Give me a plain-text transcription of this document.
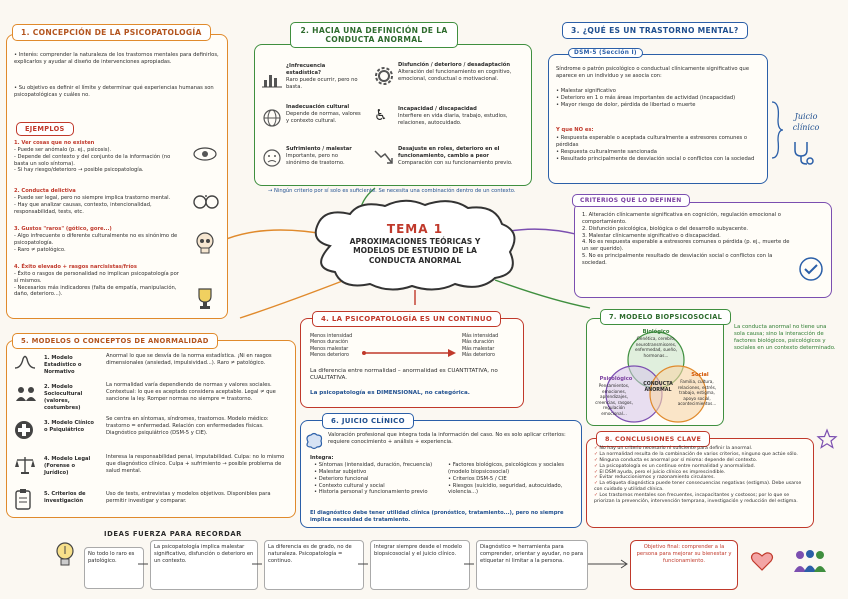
1. CONCEPCIÓN DE LA PSICOPATOLOGÍA
• Interés: comprender la naturaleza de los trastornos mentales para definirlos, explicarlos y ayudar al diseño de intervenciones apropiadas.
• Su objetivo es definir el límite y determinar qué experiencias humanas son psicopatológicas y cuáles no.
EJEMPLOS
1. Ver cosas que no existen
- Puede ser anómalo (p. ej., psicosis).
- Depende del contexto y del conjunto de la información (no basta un solo síntoma).
- Si hay riesgo/deterioro → posible psicopatología.
2. Conducta delictiva
- Puede ser legal, pero no siempre implica trastorno mental.
- Hay que analizar causas, contexto, intencionalidad, responsabilidad, tests, etc.
3. Gustos "raros" (gótico, gore...)
- Algo infrecuente o diferente culturalmente no es sinónimo de psicopatología.
- Raro ≠ patológico.
4. Éxito elevado + rasgos narcisistas/fríos
- Éxito o rasgos de personalidad no implican psicopatología por sí mismos.
- Necesarios más indicadores (falta de empatía, manipulación, daño, deterioro...).
2. HACIA UNA DEFINICIÓN DE LA CONDUCTA ANORMAL
¿Infrecuencia estadística?
Raro puede ocurrir, pero no basta.
Inadecuación cultural
Depende de normas, valores y contexto cultural.
Sufrimiento / malestar
Importante, pero no sinónimo de trastorno.
Disfunción / deterioro / desadaptación
Alteración del funcionamiento en cognitivo, emocional, conductual o motivacional.
♿ Incapacidad / discapacidad
Interfiere en vida diaria, trabajo, estudios, relaciones, autocuidado.
Desajuste en roles, deterioro en el funcionamiento, cambio a peor
Comparación con su funcionamiento previo.
→ Ningún criterio por sí solo es suficiente. Se necesita una combinación dentro de un contexto.
3. ¿QUÉ ES UN TRASTORNO MENTAL?
DSM-5 (Sección I)
Síndrome o patrón psicológico o conductual clínicamente significativo que aparece en un individuo y se asocia con:
• Malestar significativo
• Deterioro en 1 o más áreas importantes de actividad (incapacidad)
• Mayor riesgo de dolor, pérdida de libertad o muerte
Y que NO es:
• Respuesta esperable o aceptada culturalmente a estresores comunes o pérdidas
• Respuesta culturalmente sancionada
• Resultado principalmente de desviación social o conflictos con la sociedad
Juicio clínico
CRITERIOS QUE LO DEFINEN
1. Alteración clínicamente significativa en cognición, regulación emocional o comportamiento.
2. Disfunción psicológica, biológica o del desarrollo subyacente.
3. Malestar clínicamente significativo o discapacidad.
4. No es respuesta esperable a estresores comunes o pérdida (p. ej., muerte de un ser querido).
5. No es principalmente resultado de desviación social o conflictos con la sociedad.
TEMA 1
APROXIMACIONES TEÓRICAS Y MODELOS DE ESTUDIO DE LA CONDUCTA ANORMAL
4. LA PSICOPATOLOGÍA ES UN CONTINUO
Menos intensidad
Menos duración
Menos malestar
Menos deterioro
Más intensidad
Más duración
Más malestar
Más deterioro
La diferencia entre normalidad – anormalidad es CUANTITATIVA, no CUALITATIVA.
La psicopatología es DIMENSIONAL, no categórica.
5. MODELOS O CONCEPTOS DE ANORMALIDAD
1. Modelo Estadístico o Normativo
Anormal lo que se desvía de la norma estadística. ¡Ni en rasgos dimensionales (ansiedad, impulsividad...). Raro ≠ patológico.
2. Modelo Sociocultural (valores, costumbres)
La normalidad varía dependiendo de normas y valores sociales. Contextual: lo que es aceptado considera aceptable. Legal ≠ que sancione la ley. Romper normas no siempre = trastorno.
3. Modelo Clínico o Psiquiátrico
Se centra en síntomas, síndromes, trastornos. Modelo médico: trastorno = enfermedad. Relación con enfermedades físicas. Diagnóstico psiquiátrico (DSM-5 y CIE).
4. Modelo Legal (Forense o Jurídico)
Interesa la responsabilidad penal, imputabilidad. Culpa: no lo mismo que diagnóstico clínico. Culpa + sufrimiento → posible problema de salud mental.
5. Criterios de investigación
Uso de tests, entrevistas y modelos objetivos. Disponibles para permitir investigar y comparar.
6. JUICIO CLÍNICO
Valoración profesional que integra toda la información del caso. No es solo aplicar criterios: requiere conocimiento + análisis + experiencia.
Integra:
• Síntomas (intensidad, duración, frecuencia)
• Malestar subjetivo
• Deterioro funcional
• Contexto cultural y social
• Historia personal y funcionamiento previo
• Factores biológicos, psicológicos y sociales (modelo biopsicosocial)
• Criterios DSM-5 / CIE
• Riesgos (suicidio, seguridad, autocuidado, violencia...)
El diagnóstico debe tener utilidad clínica (pronóstico, tratamiento...), pero no siempre implica necesidad de tratamiento.
7. MODELO BIOPSICOSOCIAL
Biológico
Genética, cerebro, neurotransmisores, enfermedad, sueño, hormonas...
Psicológico
Pensamientos, emociones, aprendizajes, creencias, rasgos, regulación emocional...
Social
Familia, cultura, relaciones, estrés, trabajo, estigma, apoyo social, acontecimientos...
CONDUCTA ANORMAL
La conducta anormal no tiene una sola causa; sino la interacción de factores biológicos, psicológicos y sociales en un contexto determinado.
8. CONCLUSIONES CLAVE
✓ No hay un criterio necesario ni suficiente para definir la anormal.
✓ La normalidad resulta de la combinación de varios criterios, ninguno que actúe sólo.
✓ Ninguna conducta es anormal por sí misma: depende del contexto.
✓ La psicopatología es un continuo entre normalidad y anormalidad.
✓ El DSM ayuda, pero el juicio clínico es imprescindible.
✓ Evitar reduccionismos y razonamiento circulares.
✓ La etiqueta diagnóstica puede tener consecuencias negativas (estigma). Debe usarse con cuidado y utilidad clínica.
✓ Los trastornos mentales son frecuentes, incapacitantes y costosos; por lo que se priorizan la prevención, intervención temprana, investigación y reducción del estigma.
IDEAS FUERZA PARA RECORDAR
No todo lo raro es patológico.
La psicopatología implica malestar significativo, disfunción o deterioro en un contexto.
La diferencia es de grado, no de naturaleza. Psicopatología = continuo.
Integrar siempre desde el modelo biopsicosocial y el juicio clínico.
Diagnóstico = herramienta para comprender, orientar y ayudar, no para etiquetar ni limitar a la persona.
Objetivo final: comprender a la persona para mejorar su bienestar y funcionamiento.
